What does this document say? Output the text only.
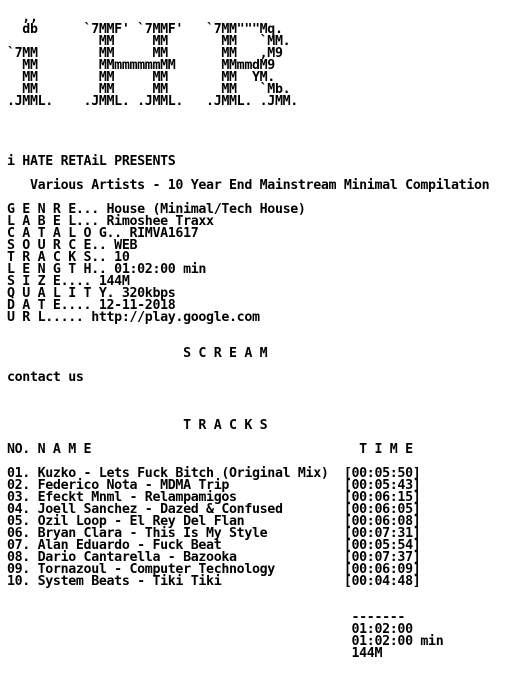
,,
db      `7MMF' `7MMF'   `7MM"""Mq.
MM     MM       MM   `MM.
`7MM        MM     MM       MM   ,M9
MM        MMmmmmmmMM      MMmmdM9
MM        MM     MM       MM  YM.
MM        MM     MM       MM   `Mb.
.JMML.    .JMML. .JMML.   .JMML. .JMM.
i HATE RETAiL PRESENTS
Various Artists - 10 Year End Mainstream Minimal Compilation
G E N R E... House (Minimal/Tech House)
L A B E L... Rimoshee Traxx
C A T A L O G.. RIMVA1617
S O U R C E.. WEB
T R A C K S.. 10
L E N G T H.. 01:02:00 min
S I Z E.... 144M
Q U A L I T Y. 320kbps
D A T E.... 12-11-2018
U R L..... http://play.google.com
S C R E A M
contact us
T R A C K S
NO. N A M E                                   T I M E
01. Kuzko - Lets Fuck Bitch (Original Mix)  [00:05:50]
02. Federico Nota - MDMA Trip               [00:05:43]
03. Efeckt Mnml - Relampamigos              [00:06:15]
04. Joell Sanchez - Dazed & Confused        [00:06:05]
05. Ozil Loop - El Rey Del Flan             [00:06:08]
06. Bryan Clara - This Is My Style          [00:07:31]
07. Alan Eduardo - Fuck Beat                [00:05:54]
08. Dario Cantarella - Bazooka              [00:07:37]
09. Tornazoul - Computer Technology         [00:06:09]
10. System Beats - Tiki Tiki                [00:04:48]
-------
01:02:00
01:02:00 min
144M
